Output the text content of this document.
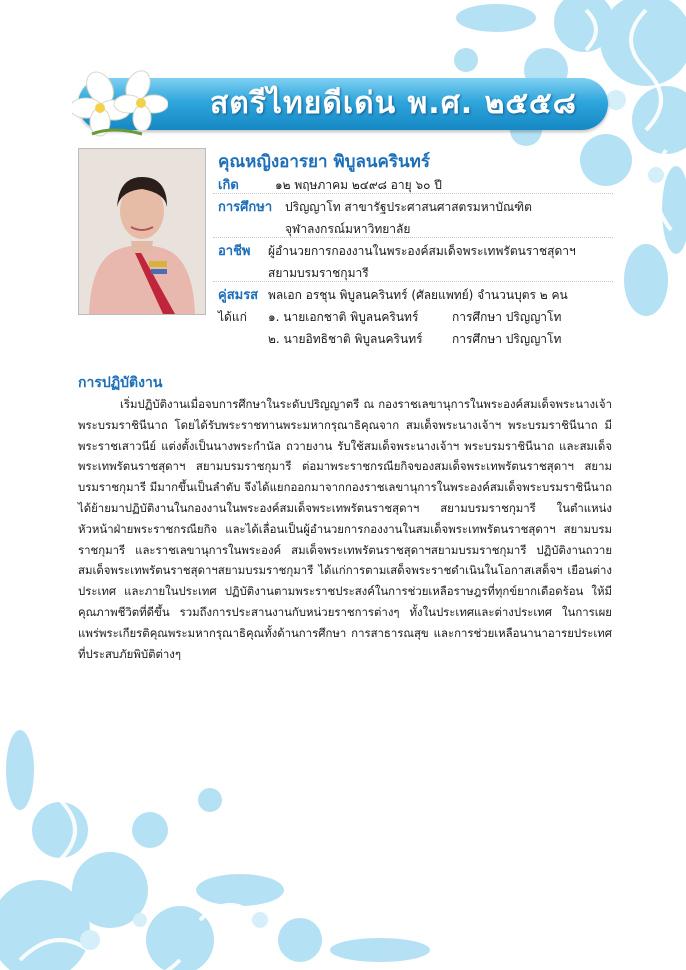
สตรีไทยดีเด่น พ.ศ. ๒๕๕๘
คุณหญิงอารยา พิบูลนครินทร์
เกิด	๑๒ พฤษภาคม ๒๔๙๘ อายุ ๖๐ ปี
การศึกษา ปริญญาโท สาขารัฐประศาสนศาสตรมหาบัณฑิต
จุฬาลงกรณ์มหาวิทยาลัย
อาชีพ ผู้อำนวยการกองงานในพระองค์สมเด็จพระเทพรัตนราชสุดาฯ
สยามบรมราชกุมารี
คู่สมรส พลเอก อรชุน พิบูลนครินทร์ (ศัลยแพทย์) จำนวนบุตร ๒ คน
ได้แก่ ๑. นายเอกชาติ พิบูลนครินทร์	การศึกษา ปริญญาโท
๒. นายอิทธิชาติ พิบูลนครินทร์ การศึกษา ปริญญาโท
การปฏิบัติงาน

เริ่มปฏิบัติงานเมื่อจบการศึกษาในระดับปริญญาตรี ณ กองราชเลขานุการในพระองค์สมเด็จพระนางเจ้าพระบรมราชินีนาถ โดยได้รับพระราชทานพระมหากรุณาธิคุณจาก สมเด็จพระนางเจ้าฯ พระบรมราชินีนาถ มีพระราชเสาวนีย์ แต่งตั้งเป็นนางพระกำนัล ถวายงาน รับใช้สมเด็จพระนางเจ้าฯ พระบรมราชินีนาถ และสมเด็จพระเทพรัตนราชสุดาฯ สยามบรมราชกุมารี ต่อมาพระราชกรณียกิจของสมเด็จพระเทพรัตนราชสุดาฯ สยามบรมราชกุมารี มีมากขึ้นเป็นลำดับ จึงได้แยกออกมาจากกองราชเลขานุการในพระองค์สมเด็จพระบรมราชินีนาถ ได้ย้ายมาปฏิบัติงานในกองงานในพระองค์สมเด็จพระเทพรัตนราชสุดาฯ สยามบรมราชกุมารี ในตำแหน่งหัวหน้าฝ่ายพระราชกรณียกิจ และได้เลื่อนเป็นผู้อำนวยการกองงานในสมเด็จพระเทพรัตนราชสุดาฯ สยามบรมราชกุมารี และราชเลขานุการในพระองค์ สมเด็จพระเทพรัตนราชสุดาฯสยามบรมราชกุมารี ปฏิบัติงานถวายสมเด็จพระเทพรัตนราชสุดาฯสยามบรมราชกุมารี ได้แก่การตามเสด็จพระราชดำเนินในโอกาสเสด็จฯ เยือนต่างประเทศ และภายในประเทศ ปฏิบัติงานตามพระราชประสงค์ในการช่วยเหลือราษฎรที่ทุกข์ยากเดือดร้อน ให้มีคุณภาพชีวิตที่ดีขึ้น รวมถึงการประสานงานกับหน่วยราชการต่างๆ ทั้งในประเทศและต่างประเทศ ในการเผยแพร่พระเกียรติคุณพระมหากรุณาธิคุณทั้งด้านการศึกษา การสาธารณสุข และการช่วยเหลือนานาอารยประเทศที่ประสบภัยพิบัติต่างๆ
